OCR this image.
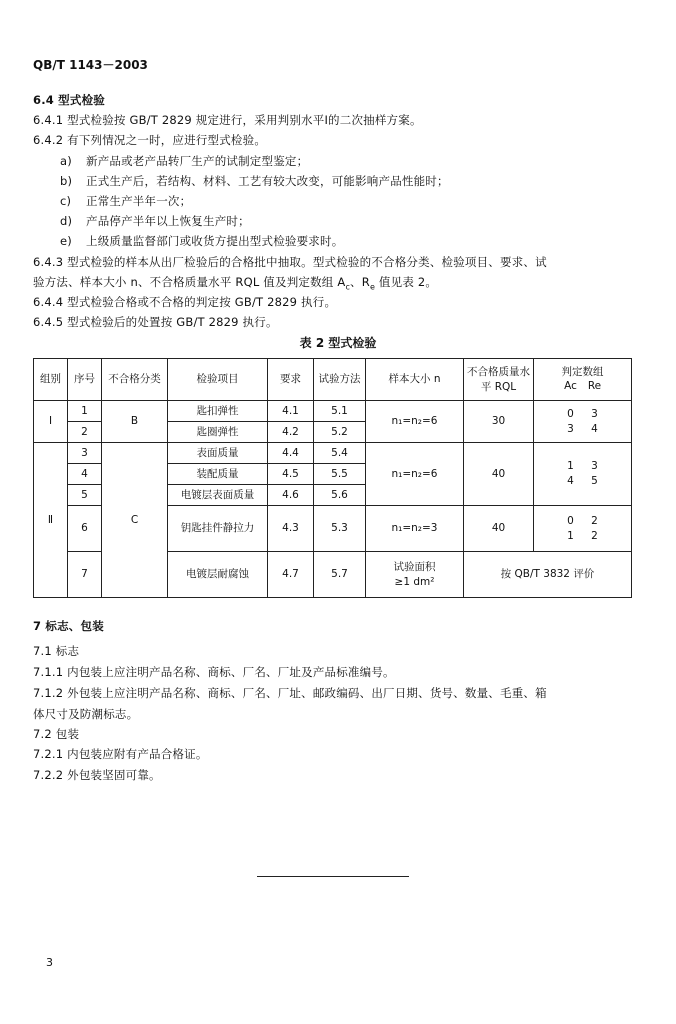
QB/T 1143－2003
6.4 型式检验
6.4.1 型式检验按 GB/T 2829 规定进行，采用判别水平Ⅰ的二次抽样方案。
6.4.2 有下列情况之一时，应进行型式检验。
a) 新产品或老产品转厂生产的试制定型鉴定；
b) 正式生产后，若结构、材料、工艺有较大改变，可能影响产品性能时；
c) 正常生产半年一次；
d) 产品停产半年以上恢复生产时；
e) 上级质量监督部门或收货方提出型式检验要求时。
6.4.3 型式检验的样本从出厂检验后的合格批中抽取。型式检验的不合格分类、检验项目、要求、试
验方法、样本大小 n、不合格质量水平 RQL 值及判定数组 $A_c$、$R_e$ 值见表 2。
6.4.4 型式检验合格或不合格的判定按 GB/T 2829 执行。
6.4.5 型式检验后的处置按 GB/T 2829 执行。
表 2 型式检验
组别	序号	不合格分类	检验项目	要求	试验方法	样本大小 n	不合格质量水平 RQL	判定数组
Ac Re
Ⅰ	1	B	匙扣弹性	4.1	5.1	n₁=n₂=6	30	0 3
3 4
	2		匙圈弹性	4.2	5.2			
Ⅱ	3	C	表面质量	4.4	5.4	n₁=n₂=6	40	1 3
4 5
	4		装配质量	4.5	5.5			
	5		电镀层表面质量	4.6	5.6			
	6		钥匙挂件静拉力	4.3	5.3	n₁=n₂=3	40	0 2
1 2
	7		电镀层耐腐蚀	4.7	5.7	试验面积
≥1 dm²	按 QB/T 3832 评价	
7 标志、包装
7.1 标志
7.1.1 内包装上应注明产品名称、商标、厂名、厂址及产品标准编号。
7.1.2 外包装上应注明产品名称、商标、厂名、厂址、邮政编码、出厂日期、货号、数量、毛重、箱
体尺寸及防潮标志。
7.2 包装
7.2.1 内包装应附有产品合格证。
7.2.2 外包装坚固可靠。
3
